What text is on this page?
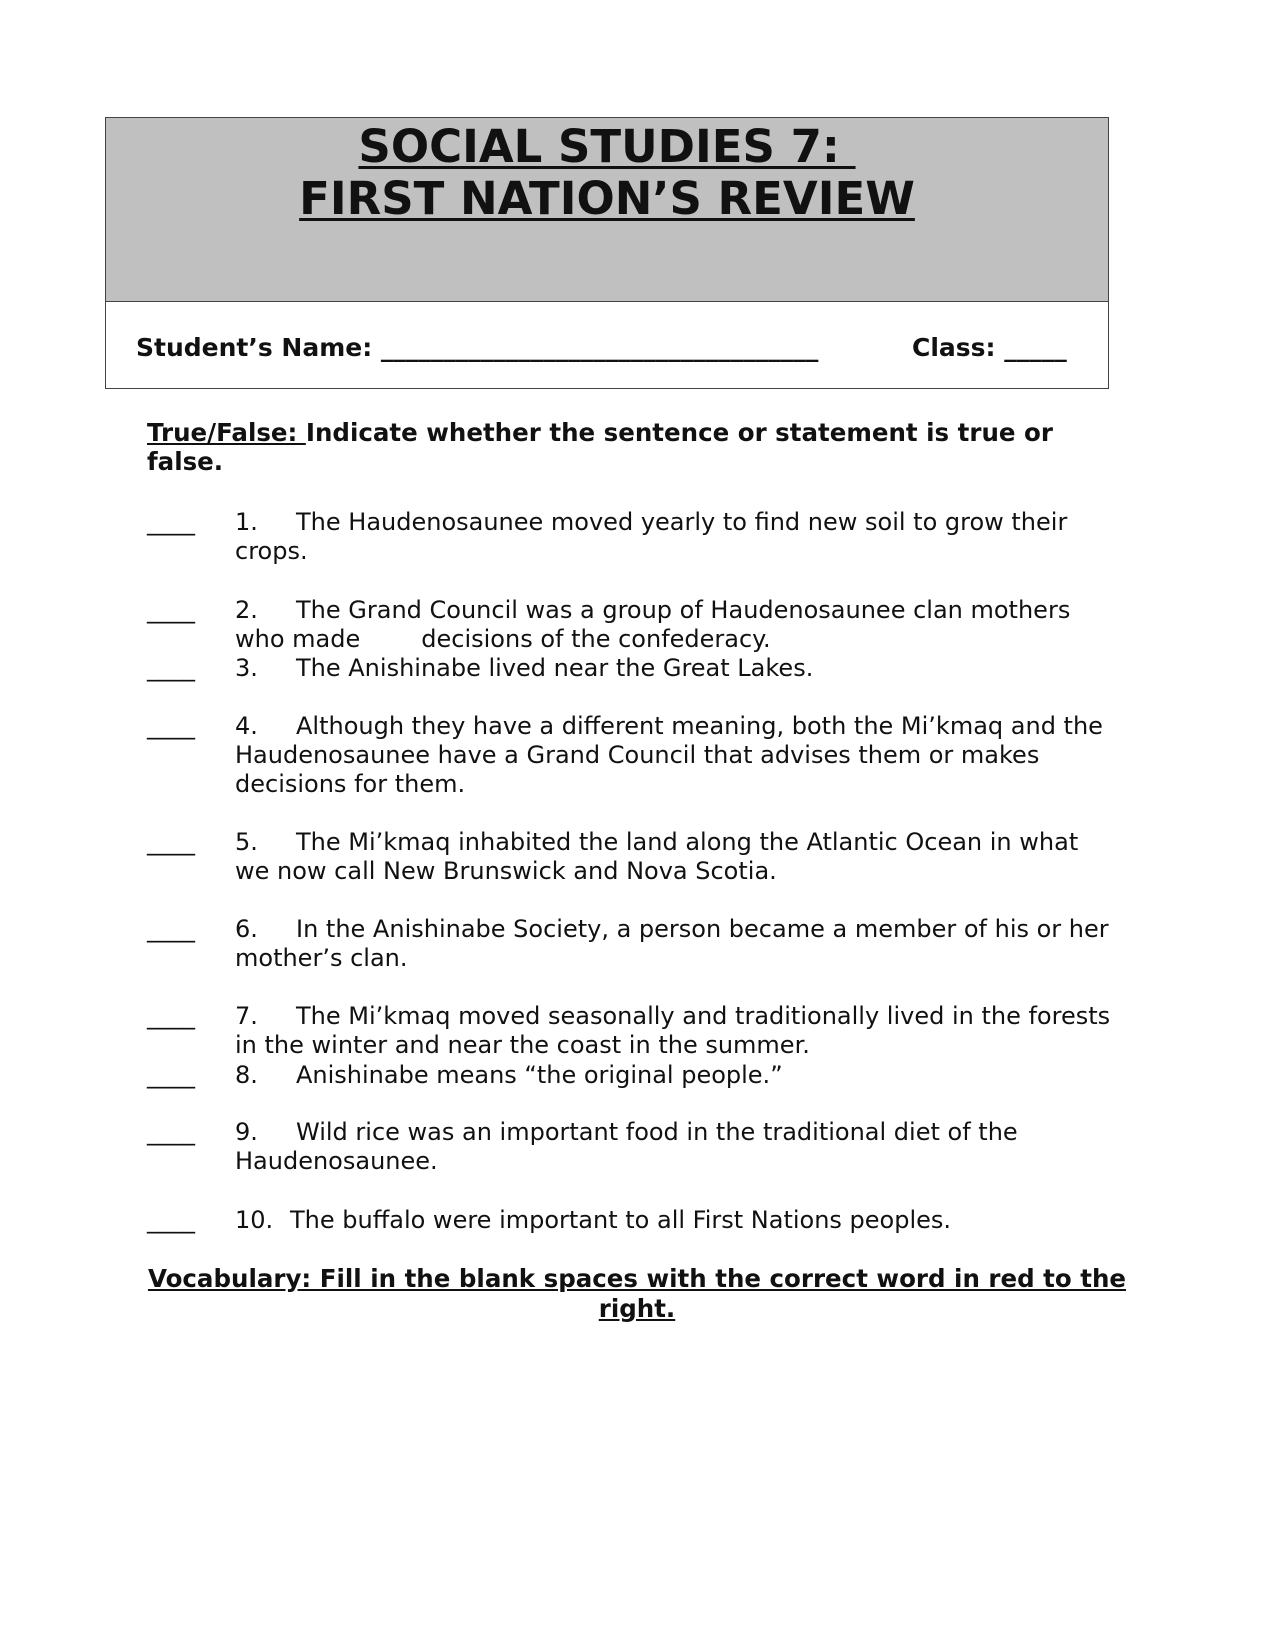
SOCIAL STUDIES 7:
FIRST NATION’S REVIEW
Student’s Name: ___________________________________	Class: _____
True/False: Indicate whether the sentence or statement is true or false.
____ 1. The Haudenosaunee moved yearly to find new soil to grow their crops.
____ 2. The Grand Council was a group of Haudenosaunee clan mothers who made        decisions of the confederacy.
____ 3. The Anishinabe lived near the Great Lakes.
____ 4. Although they have a different meaning, both the Mi’kmaq and the Haudenosaunee have a Grand Council that advises them or makes decisions for them.
____ 5. The Mi’kmaq inhabited the land along the Atlantic Ocean in what we now call New Brunswick and Nova Scotia.
____ 6. In the Anishinabe Society, a person became a member of his or her mother’s clan.
____ 7. The Mi’kmaq moved seasonally and traditionally lived in the forests in the winter and near the coast in the summer.
____ 8. Anishinabe means “the original people.”
____ 9. Wild rice was an important food in the traditional diet of the Haudenosaunee.
____ 10. The buffalo were important to all First Nations peoples.
Vocabulary: Fill in the blank spaces with the correct word in red to the right.
